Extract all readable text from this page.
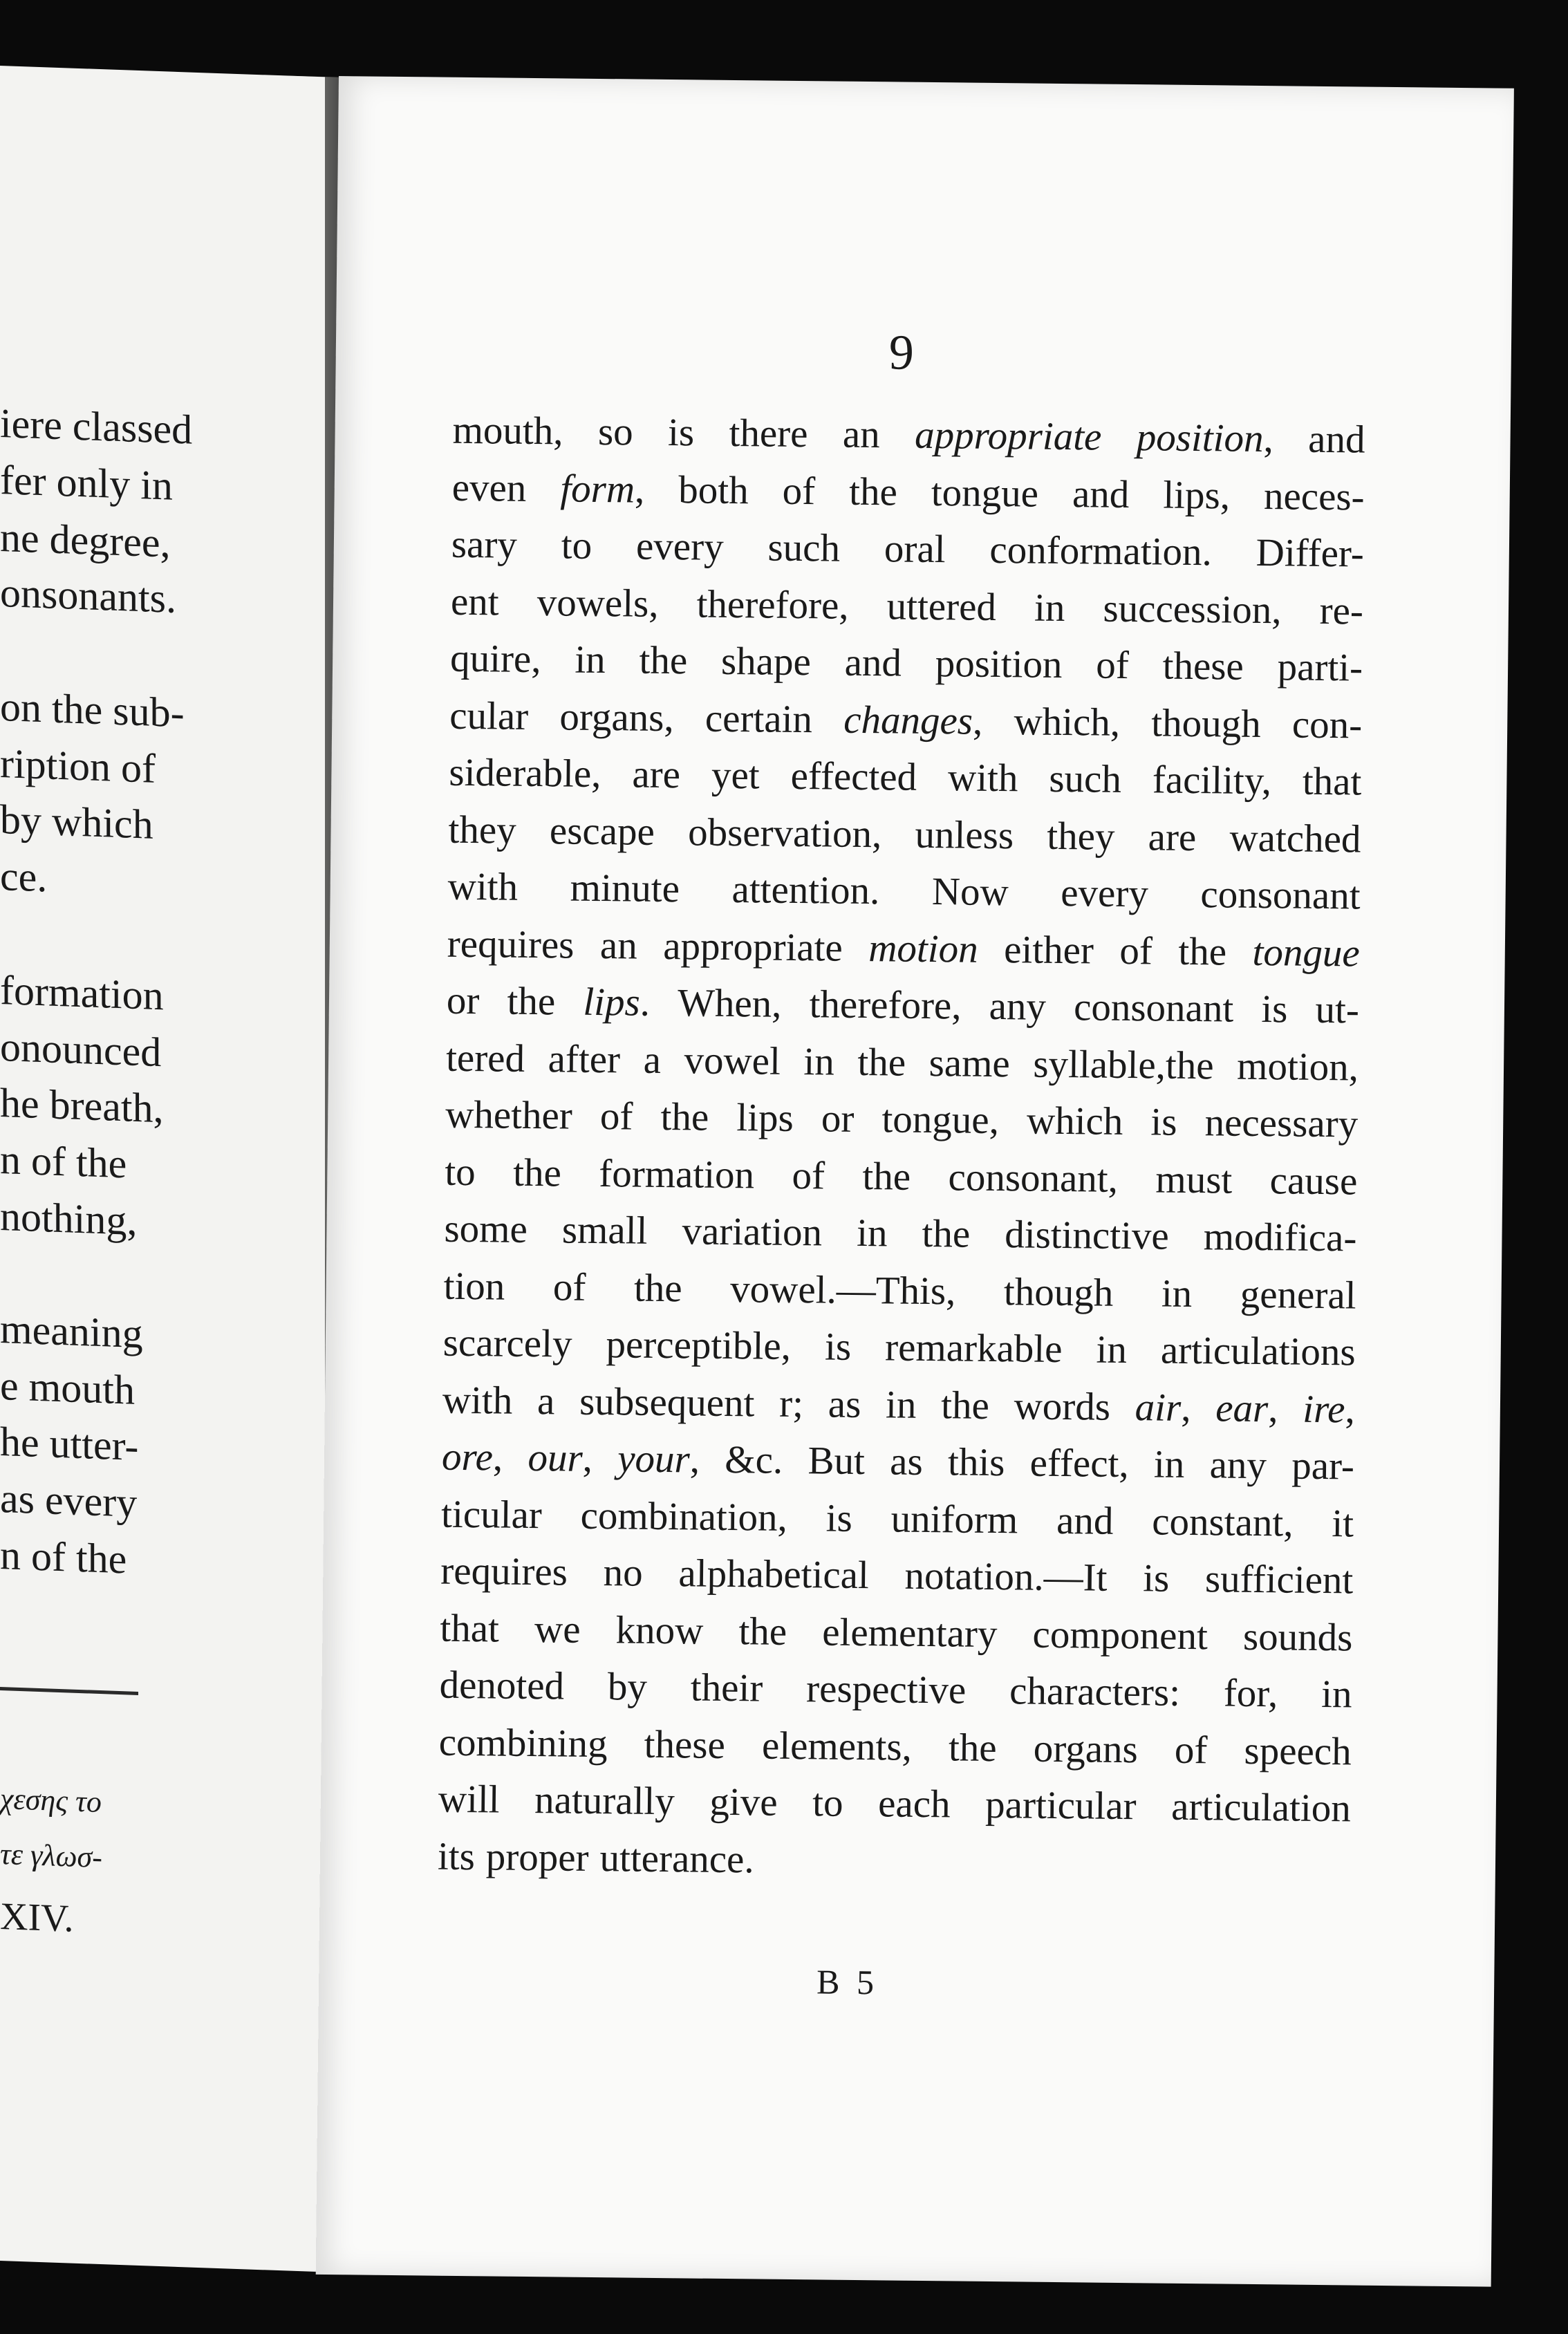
iere classed
fer only in
ne degree,
onsonants.
on the sub-
ription of
by which
ce.
formation
onounced
he breath,
n of the
nothing,
meaning
e mouth
he utter-
as every
n of the
χεσης το
τε γλωσ-
XIV.
9
mouth, so is there an appropriate position, and
even form, both of the tongue and lips, neces-
sary to every such oral conformation. Differ-
ent vowels, therefore, uttered in succession, re-
quire, in the shape and position of these parti-
cular organs, certain changes, which, though con-
siderable, are yet effected with such facility, that
they escape observation, unless they are watched
with minute attention. Now every consonant
requires an appropriate motion either of the tongue
or the lips. When, therefore, any consonant is ut-
tered after a vowel in the same syllable,the motion,
whether of the lips or tongue, which is necessary
to the formation of the consonant, must cause
some small variation in the distinctive modifica-
tion of the vowel.—This, though in general
scarcely perceptible, is remarkable in articulations
with a subsequent r; as in the words air, ear, ire,
ore, our, your, &c. But as this effect, in any par-
ticular combination, is uniform and constant, it
requires no alphabetical notation.—It is sufficient
that we know the elementary component sounds
denoted by their respective characters: for, in
combining these elements, the organs of speech
will naturally give to each particular articulation
its proper utterance.
B 5
